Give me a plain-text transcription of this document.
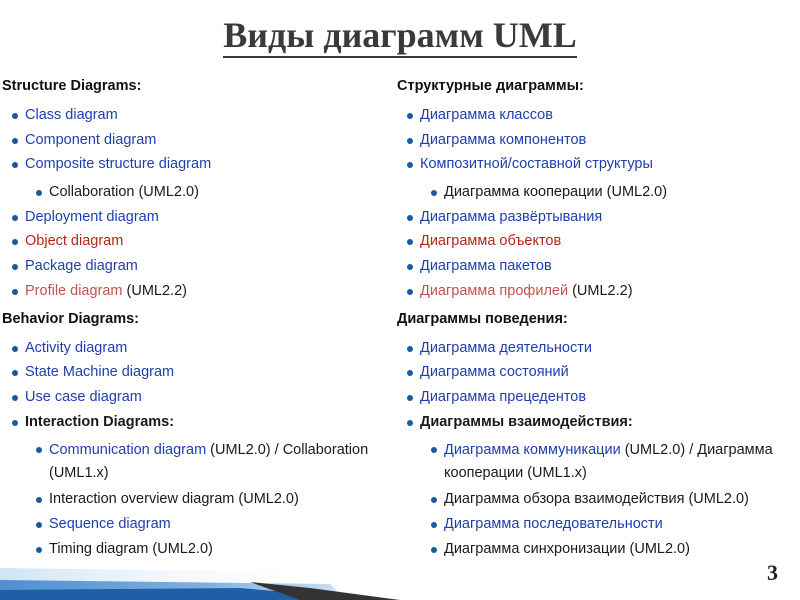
Виды диаграмм UML
Structure Diagrams:
Class diagram
Component diagram
Composite structure diagram
Collaboration (UML2.0)
Deployment diagram
Object diagram
Package diagram
Profile diagram (UML2.2)
Behavior Diagrams:
Activity diagram
State Machine diagram
Use case diagram
Interaction Diagrams:
Communication diagram (UML2.0) / Collaboration (UML1.x)
Interaction overview diagram (UML2.0)
Sequence diagram
Timing diagram (UML2.0)
Структурные диаграммы:
Диаграмма классов
Диаграмма компонентов
Композитной/составной структуры
Диаграмма кооперации (UML2.0)
Диаграмма развёртывания
Диаграмма объектов
Диаграмма пакетов
Диаграмма профилей (UML2.2)
Диаграммы поведения:
Диаграмма деятельности
Диаграмма состояний
Диаграмма прецедентов
Диаграммы взаимодействия:
Диаграмма коммуникации (UML2.0) / Диаграмма кооперации (UML1.x)
Диаграмма обзора взаимодействия (UML2.0)
Диаграмма последовательности
Диаграмма синхронизации (UML2.0)
3
